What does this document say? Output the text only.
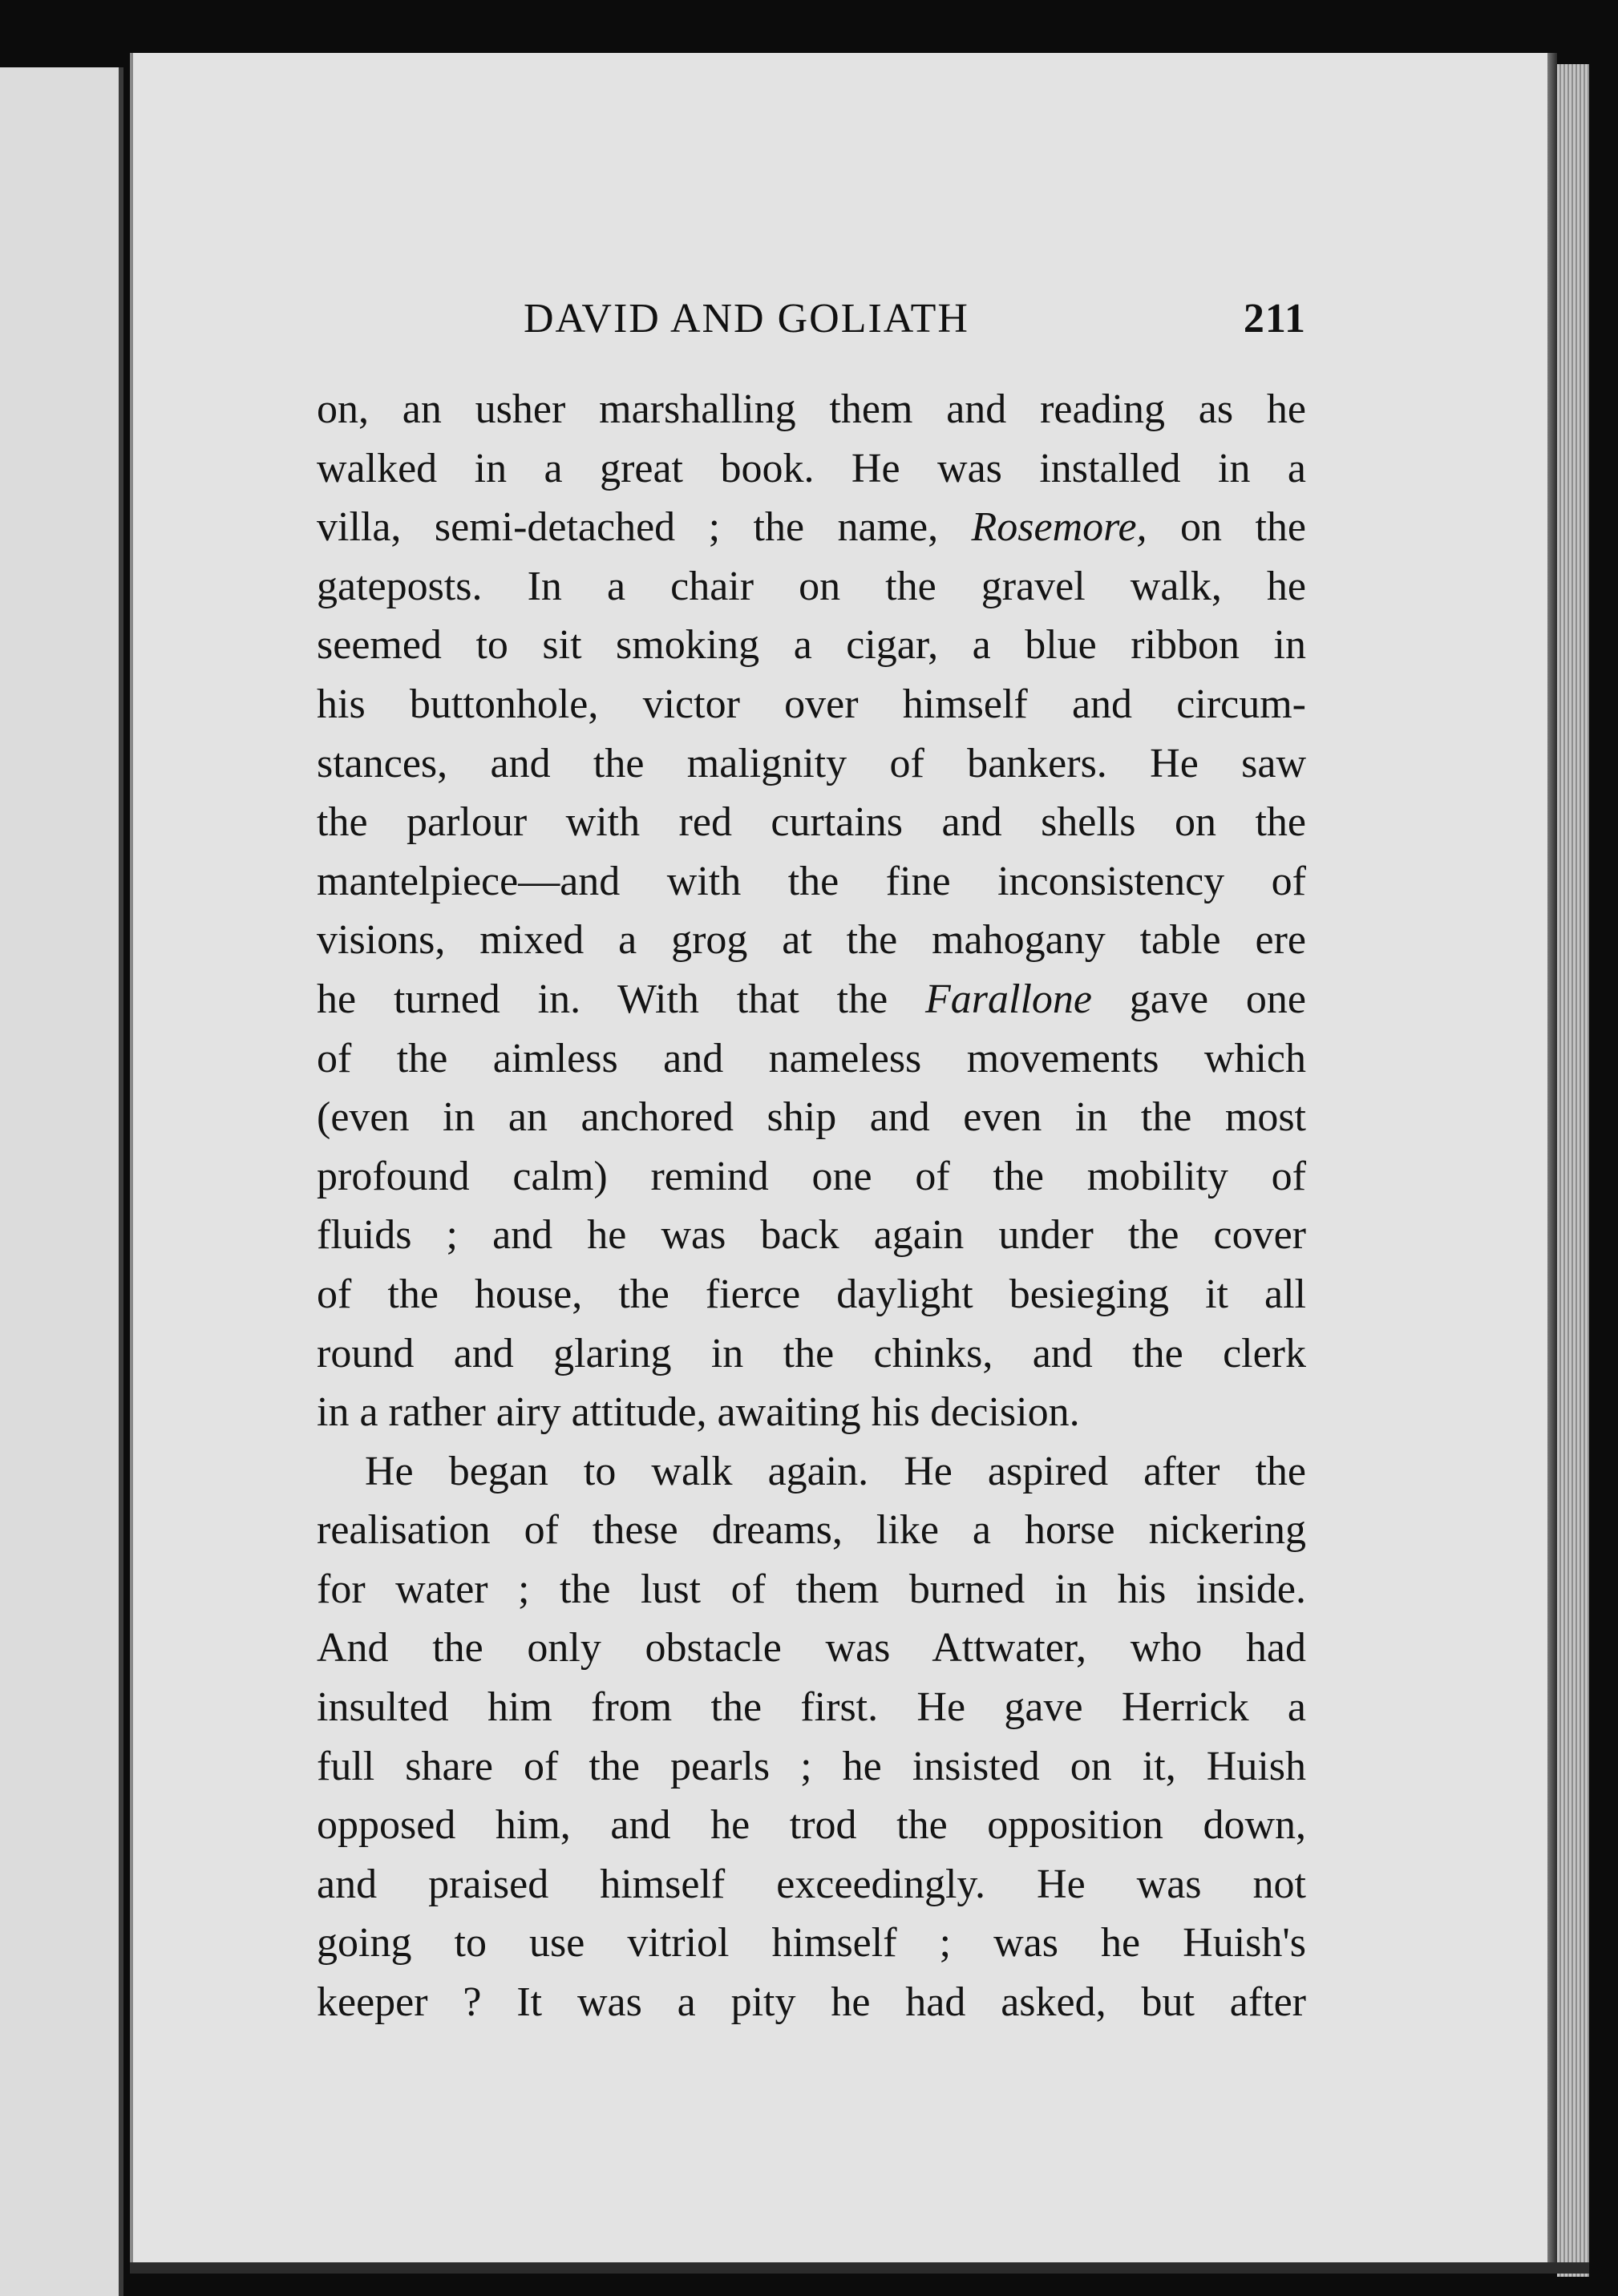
DAVID AND GOLIATH	211
on, an usher marshalling them and reading as he
walked in a great book. He was installed in a
villa, semi-detached ; the name, Rosemore, on the
gateposts. In a chair on the gravel walk, he
seemed to sit smoking a cigar, a blue ribbon in
his buttonhole, victor over himself and circum-
stances, and the malignity of bankers. He saw
the parlour with red curtains and shells on the
mantelpiece—and with the fine inconsistency of
visions, mixed a grog at the mahogany table ere
he turned in. With that the Farallone gave one
of the aimless and nameless movements which
(even in an anchored ship and even in the most
profound calm) remind one of the mobility of
fluids ; and he was back again under the cover
of the house, the fierce daylight besieging it all
round and glaring in the chinks, and the clerk
in a rather airy attitude, awaiting his decision.
He began to walk again. He aspired after the
realisation of these dreams, like a horse nickering
for water ; the lust of them burned in his inside.
And the only obstacle was Attwater, who had
insulted him from the first. He gave Herrick a
full share of the pearls ; he insisted on it, Huish
opposed him, and he trod the opposition down,
and praised himself exceedingly. He was not
going to use vitriol himself ; was he Huish's
keeper ? It was a pity he had asked, but after
